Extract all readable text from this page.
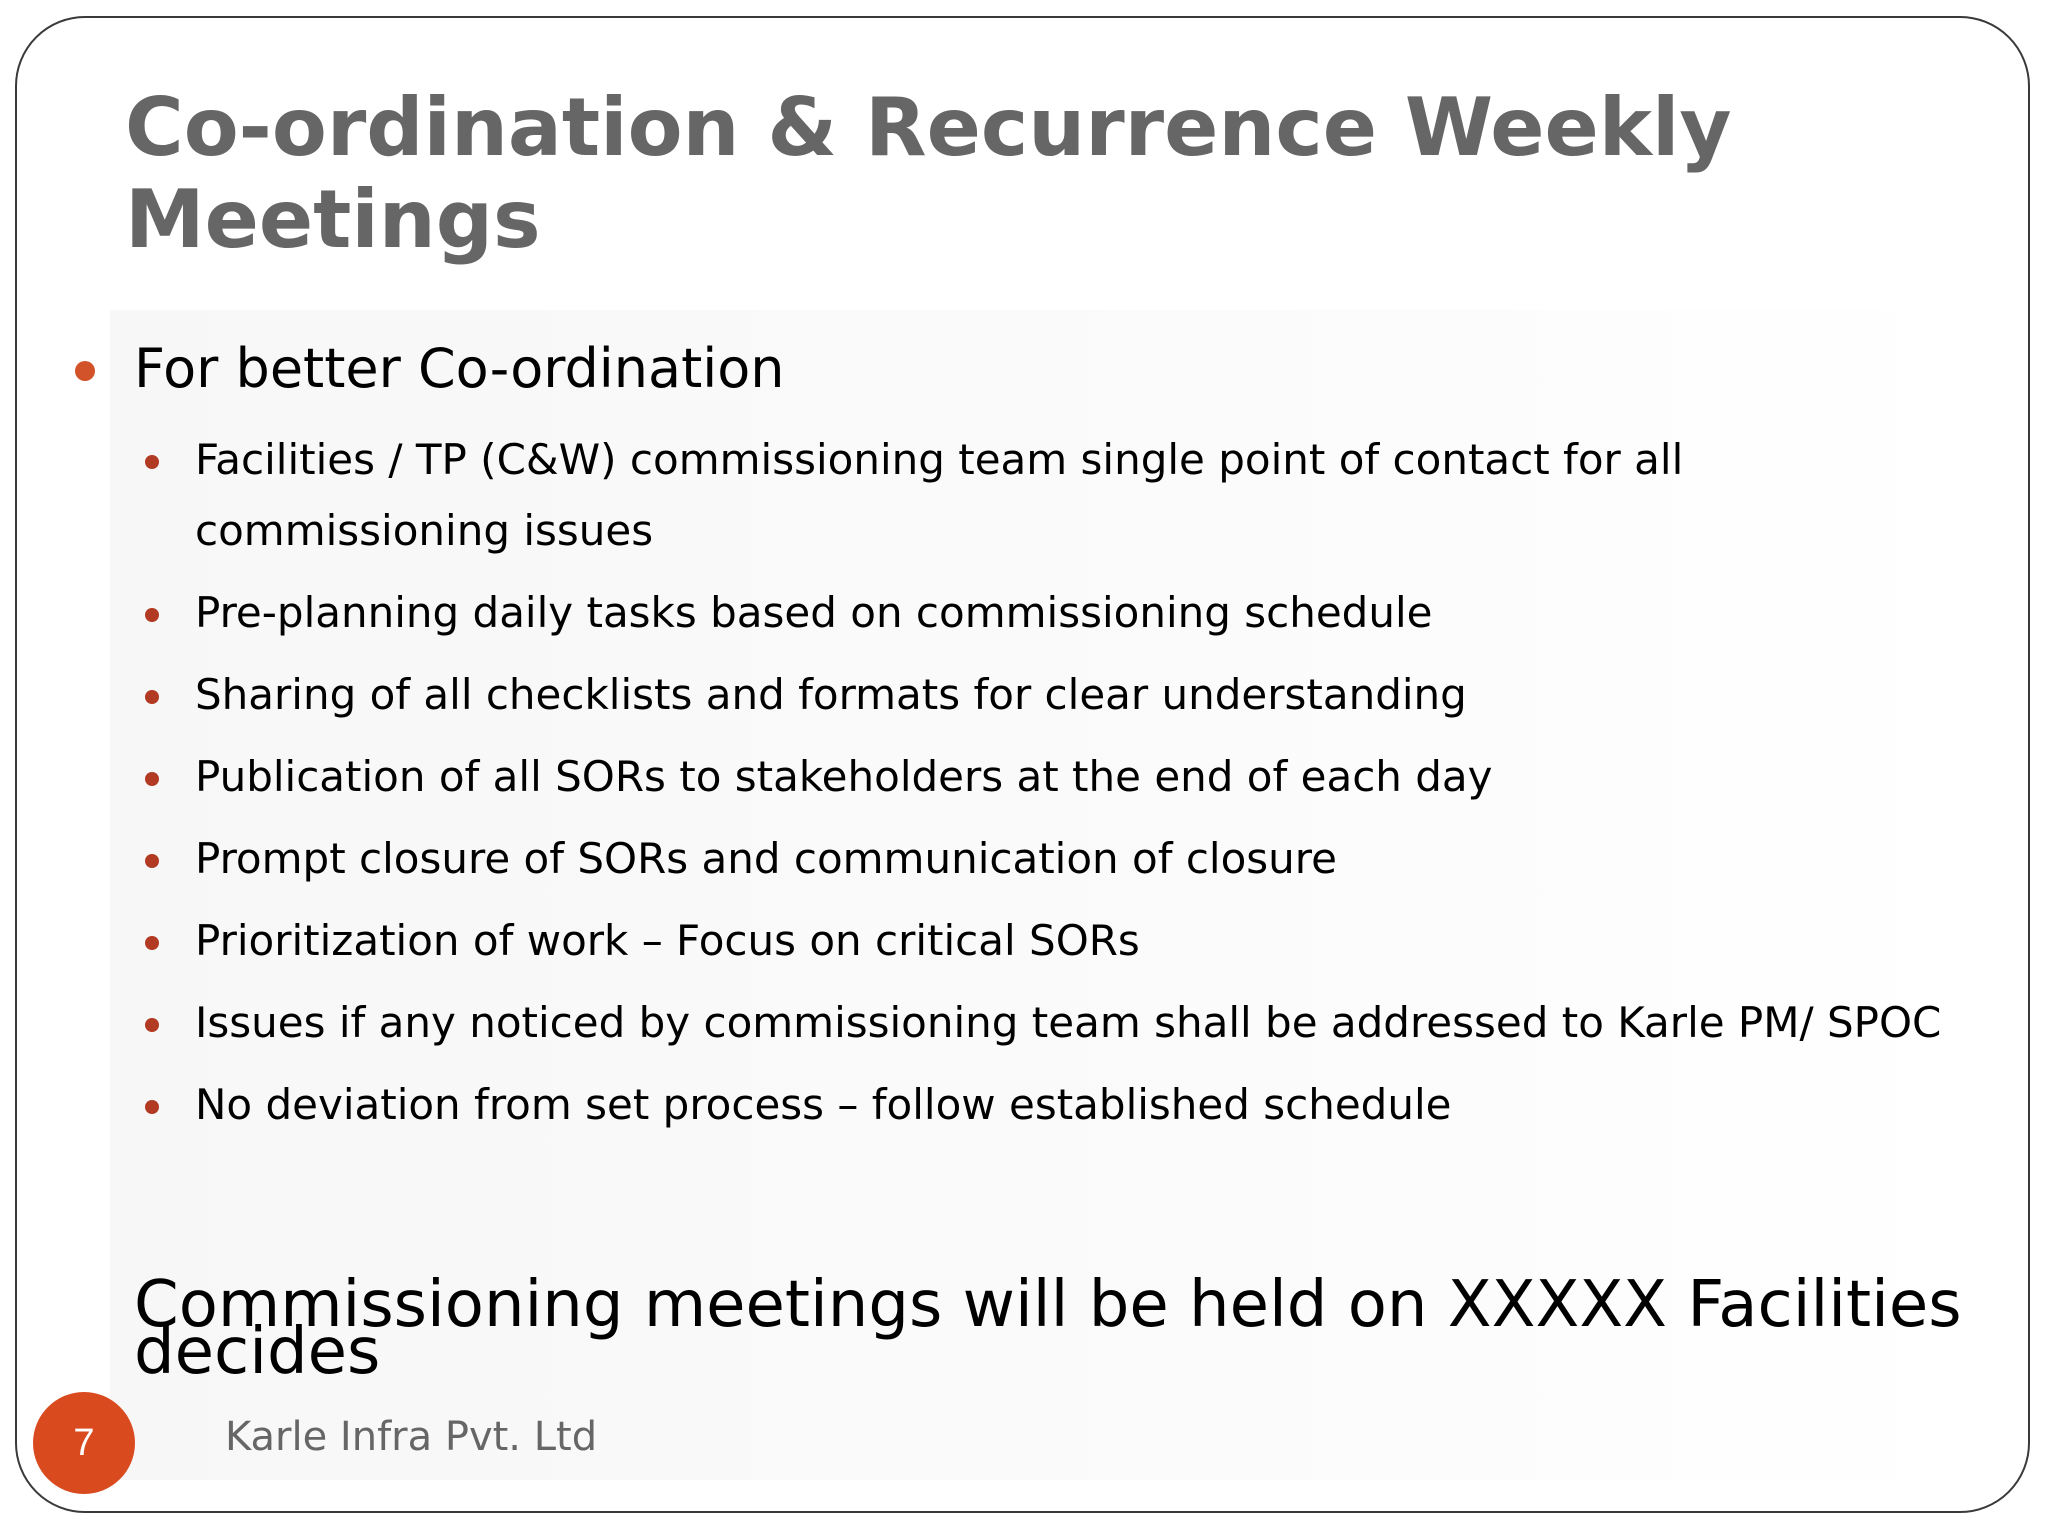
Co-ordination & Recurrence Weekly Meetings
For better Co-ordination
Facilities / TP (C&W) commissioning team single point of contact for all commissioning issues
Pre-planning daily tasks based on commissioning schedule
Sharing of all checklists and formats for clear understanding
Publication of all SORs to stakeholders at the end of each day
Prompt closure of SORs and communication of closure
Prioritization of work – Focus on critical SORs
Issues if any noticed by commissioning team shall be addressed to Karle PM/ SPOC
No deviation from set process – follow established schedule

Commissioning meetings will be held on XXXXX Facilities decides

7	Karle Infra Pvt. Ltd
